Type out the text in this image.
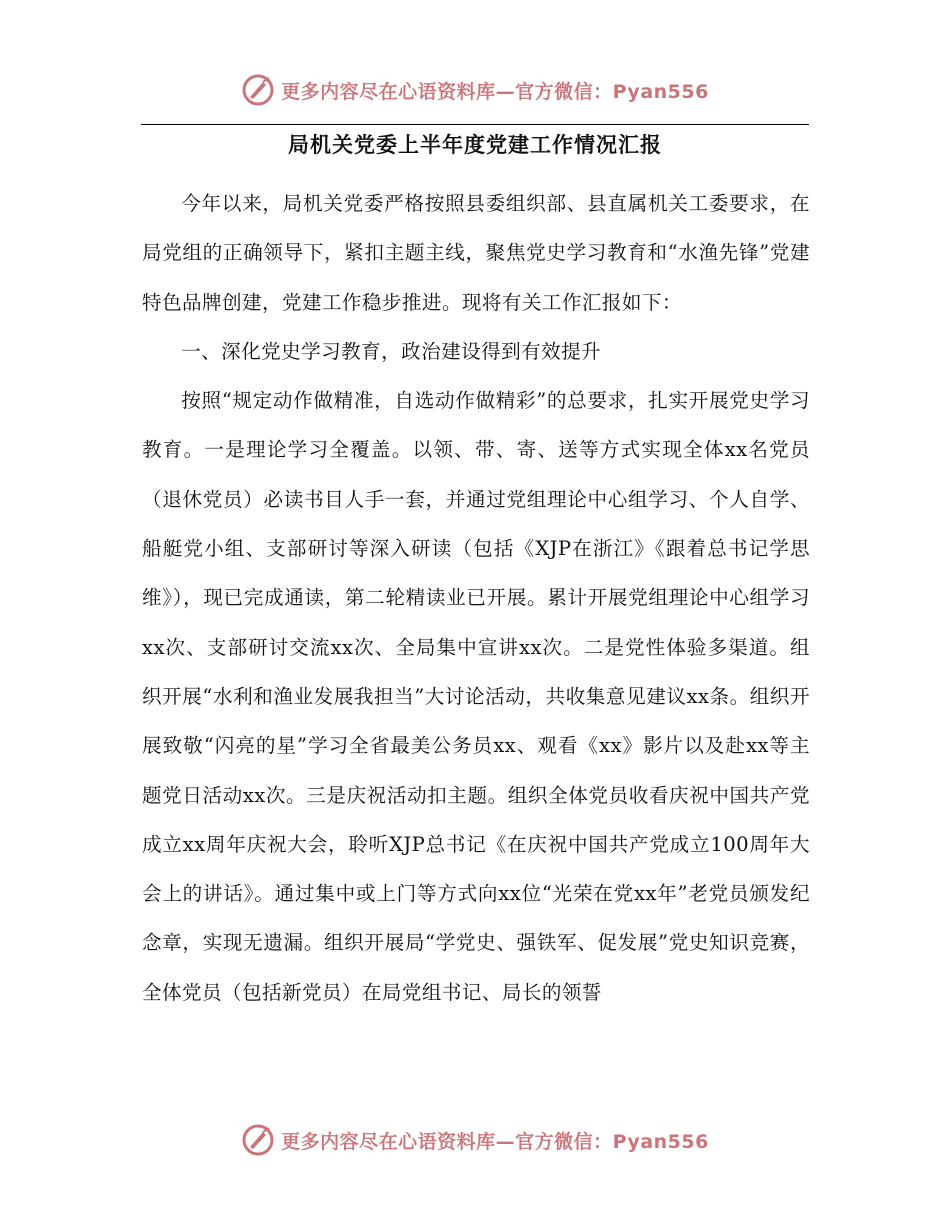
更多内容尽在心语资料库—官方微信：Pyan556
局机关党委上半年度党建工作情况汇报

今年以来，局机关党委严格按照县委组织部、县直属机关工委要求，在局党组的正确领导下，紧扣主题主线，聚焦党史学习教育和“水渔先锋”党建特色品牌创建，党建工作稳步推进。现将有关工作汇报如下：

一、深化党史学习教育，政治建设得到有效提升

按照“规定动作做精准，自选动作做精彩”的总要求，扎实开展党史学习教育。一是理论学习全覆盖。以领、带、寄、送等方式实现全体xx名党员（退休党员）必读书目人手一套，并通过党组理论中心组学习、个人自学、船艇党小组、支部研讨等深入研读（包括《XJP在浙江》《跟着总书记学思维》），现已完成通读，第二轮精读业已开展。累计开展党组理论中心组学习xx次、支部研讨交流xx次、全局集中宣讲xx次。二是党性体验多渠道。组织开展“水利和渔业发展我担当”大讨论活动，共收集意见建议xx条。组织开展致敬“闪亮的星”学习全省最美公务员xx、观看《xx》影片以及赴xx等主题党日活动xx次。三是庆祝活动扣主题。组织全体党员收看庆祝中国共产党成立xx周年庆祝大会，聆听XJP总书记《在庆祝中国共产党成立100周年大会上的讲话》。通过集中或上门等方式向xx位“光荣在党xx年”老党员颁发纪念章，实现无遗漏。组织开展局“学党史、强铁军、促发展”党史知识竞赛，全体党员（包括新党员）在局党组书记、局长的领誓

更多内容尽在心语资料库—官方微信：Pyan556
